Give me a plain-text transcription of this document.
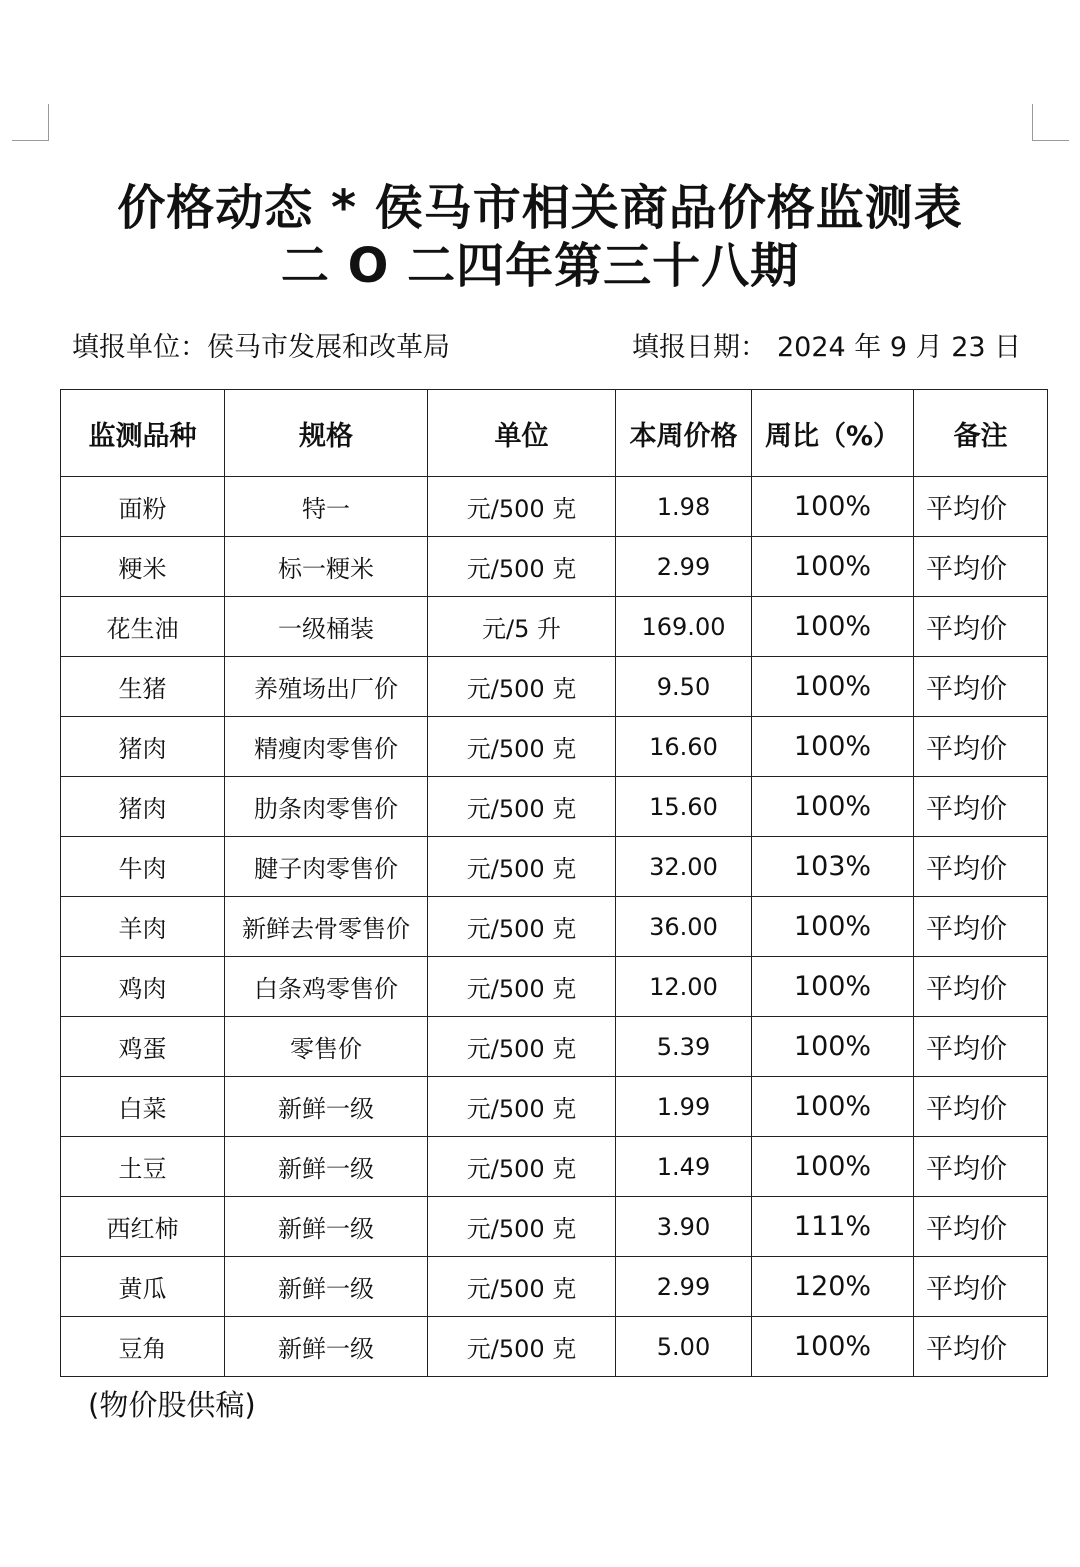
价格动态 * 侯马市相关商品价格监测表
二 O 二四年第三十八期
填报单位：侯马市发展和改革局	填报日期： 2024 年 9 月 23 日
监测品种	规格	单位	本周价格	周比（%）	备注
面粉	特一	元/500 克	1.98	100%	平均价
粳米	标一粳米	元/500 克	2.99	100%	平均价
花生油	一级桶装	元/5 升	169.00	100%	平均价
生猪	养殖场出厂价	元/500 克	9.50	100%	平均价
猪肉	精瘦肉零售价	元/500 克	16.60	100%	平均价
猪肉	肋条肉零售价	元/500 克	15.60	100%	平均价
牛肉	腱子肉零售价	元/500 克	32.00	103%	平均价
羊肉	新鲜去骨零售价	元/500 克	36.00	100%	平均价
鸡肉	白条鸡零售价	元/500 克	12.00	100%	平均价
鸡蛋	零售价	元/500 克	5.39	100%	平均价
白菜	新鲜一级	元/500 克	1.99	100%	平均价
土豆	新鲜一级	元/500 克	1.49	100%	平均价
西红柿	新鲜一级	元/500 克	3.90	111%	平均价
黄瓜	新鲜一级	元/500 克	2.99	120%	平均价
豆角	新鲜一级	元/500 克	5.00	100%	平均价
(物价股供稿)
